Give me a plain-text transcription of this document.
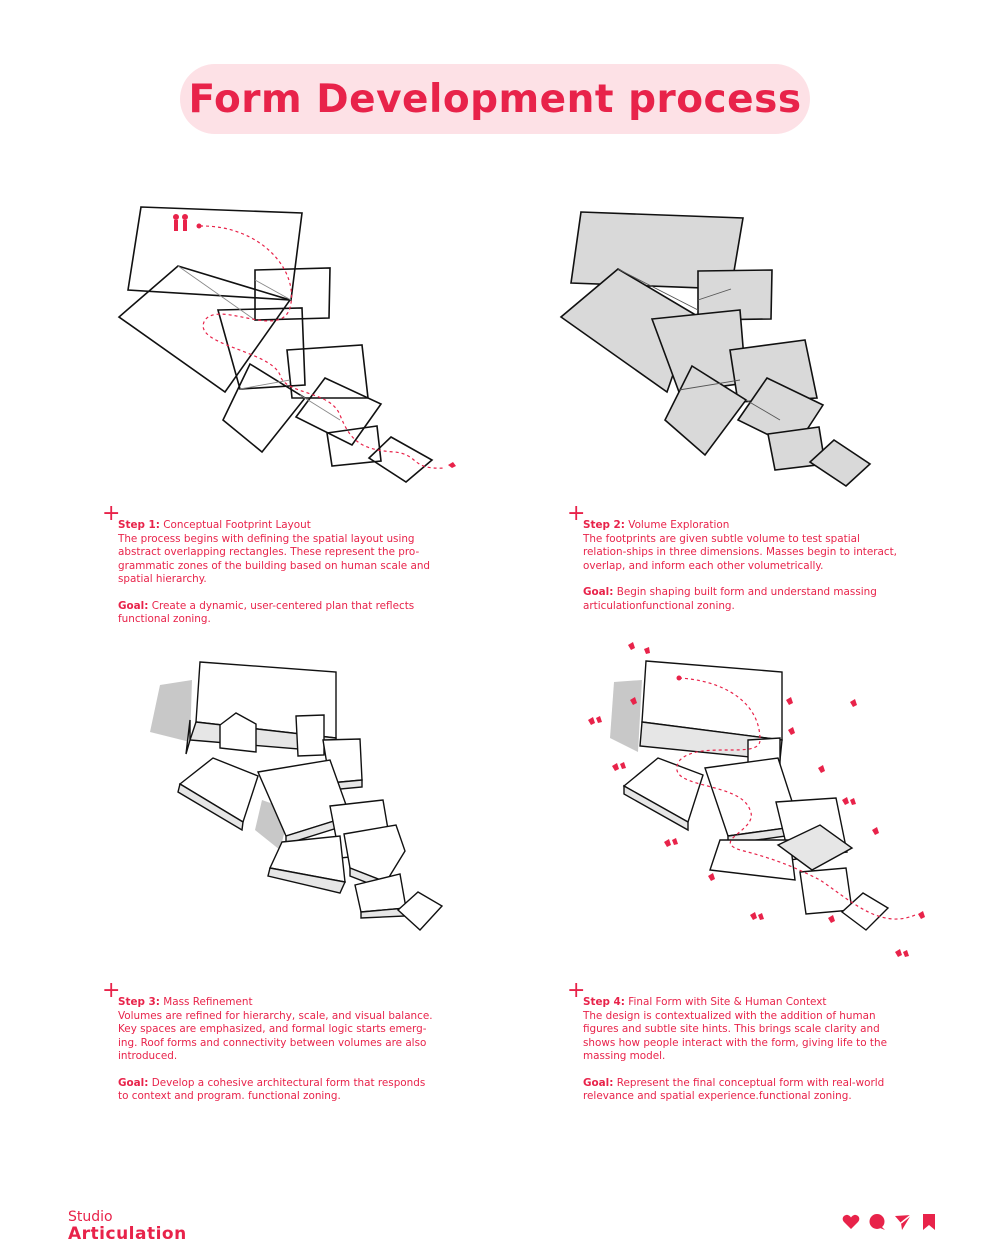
Form Development process
+

Step 1: Conceptual Footprint Layout

The process begins with defining the spatial layout using abstract overlapping rectangles. These represent the pro-grammatic zones of the building based on human scale and spatial hierarchy.

Goal: Create a dynamic, user-centered plan that reflects functional zoning.

+

Step 2: Volume Exploration

The footprints are given subtle volume to test spatial relation-ships in three dimensions. Masses begin to interact, overlap, and inform each other volumetrically.

Goal: Begin shaping built form and understand massing articulationfunctional zoning.

+

Step 3: Mass Refinement

Volumes are refined for hierarchy, scale, and visual balance. Key spaces are emphasized, and formal logic starts emerg-ing. Roof forms and connectivity between volumes are also introduced.

Goal: Develop a cohesive architectural form that responds to context and program. functional zoning.

+

Step 4: Final Form with Site & Human Context

The design is contextualized with the addition of human figures and subtle site hints. This brings scale clarity and shows how people interact with the form, giving life to the massing model.

Goal: Represent the final conceptual form with real-world relevance and spatial experience.functional zoning.

Studio
Articulation
